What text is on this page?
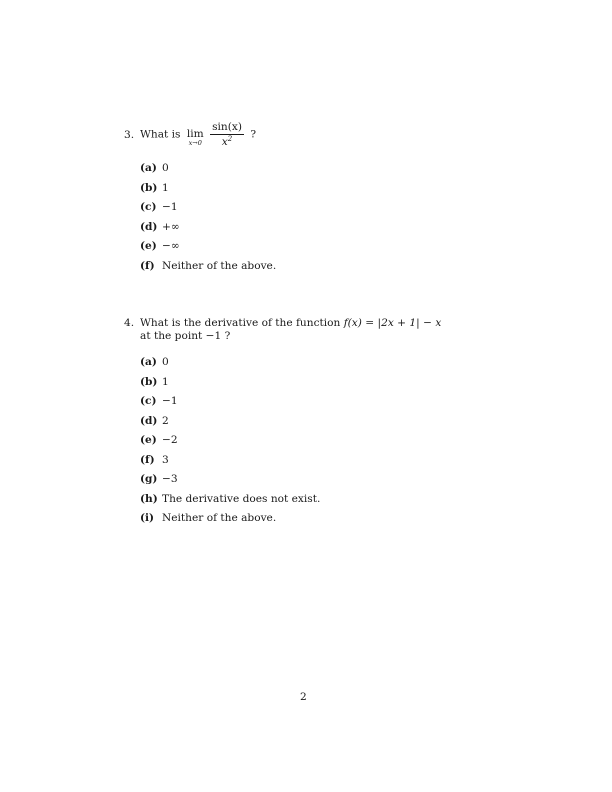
3. What is lim
x→0
$\frac{\sin(x)}{x^2}$ ?
(a) 0
(b) 1
(c) −1
(d) +∞
(e) −∞
(f) Neither of the above.
4. What is the derivative of the function f(x) = |2x + 1| − x
at the point −1 ?
(a) 0
(b) 1
(c) −1
(d) 2
(e) −2
(f) 3
(g) −3
(h) The derivative does not exist.
(i) Neither of the above.
2
